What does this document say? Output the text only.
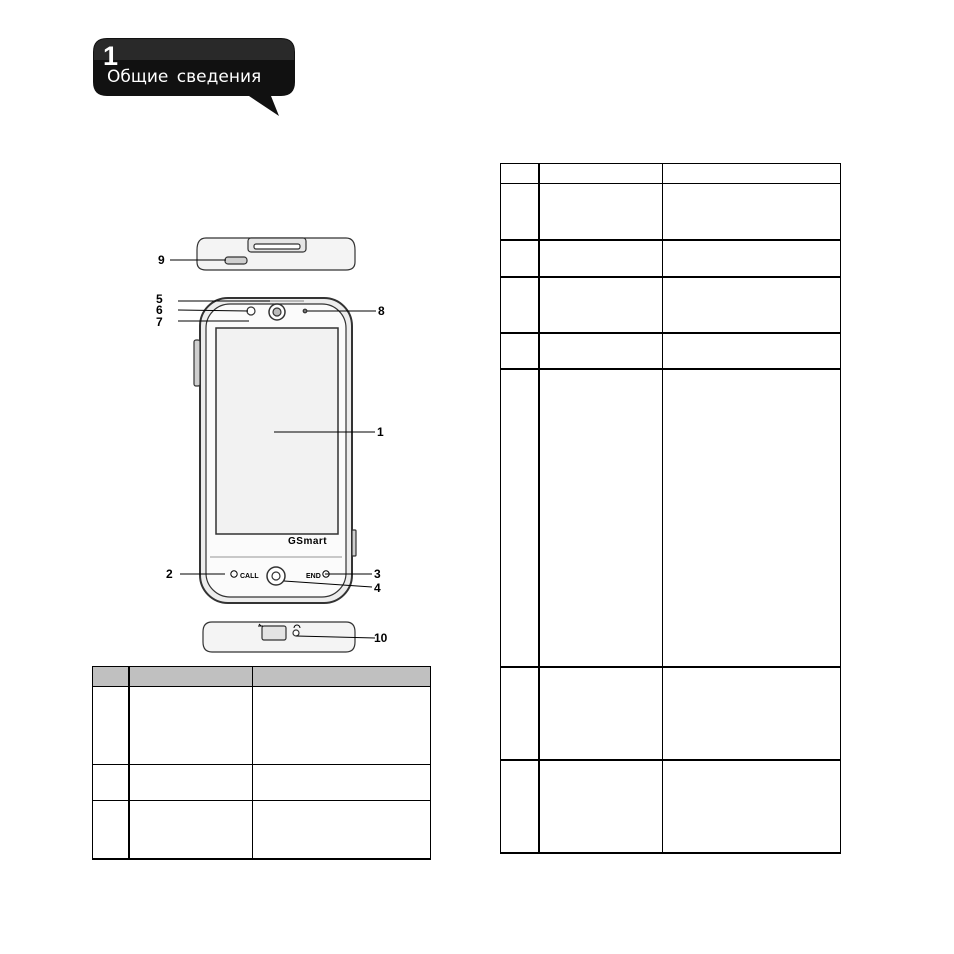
1
Общие сведения
GSmart
CALL	END
1
2	3
4
5
6
7
8
9
10
